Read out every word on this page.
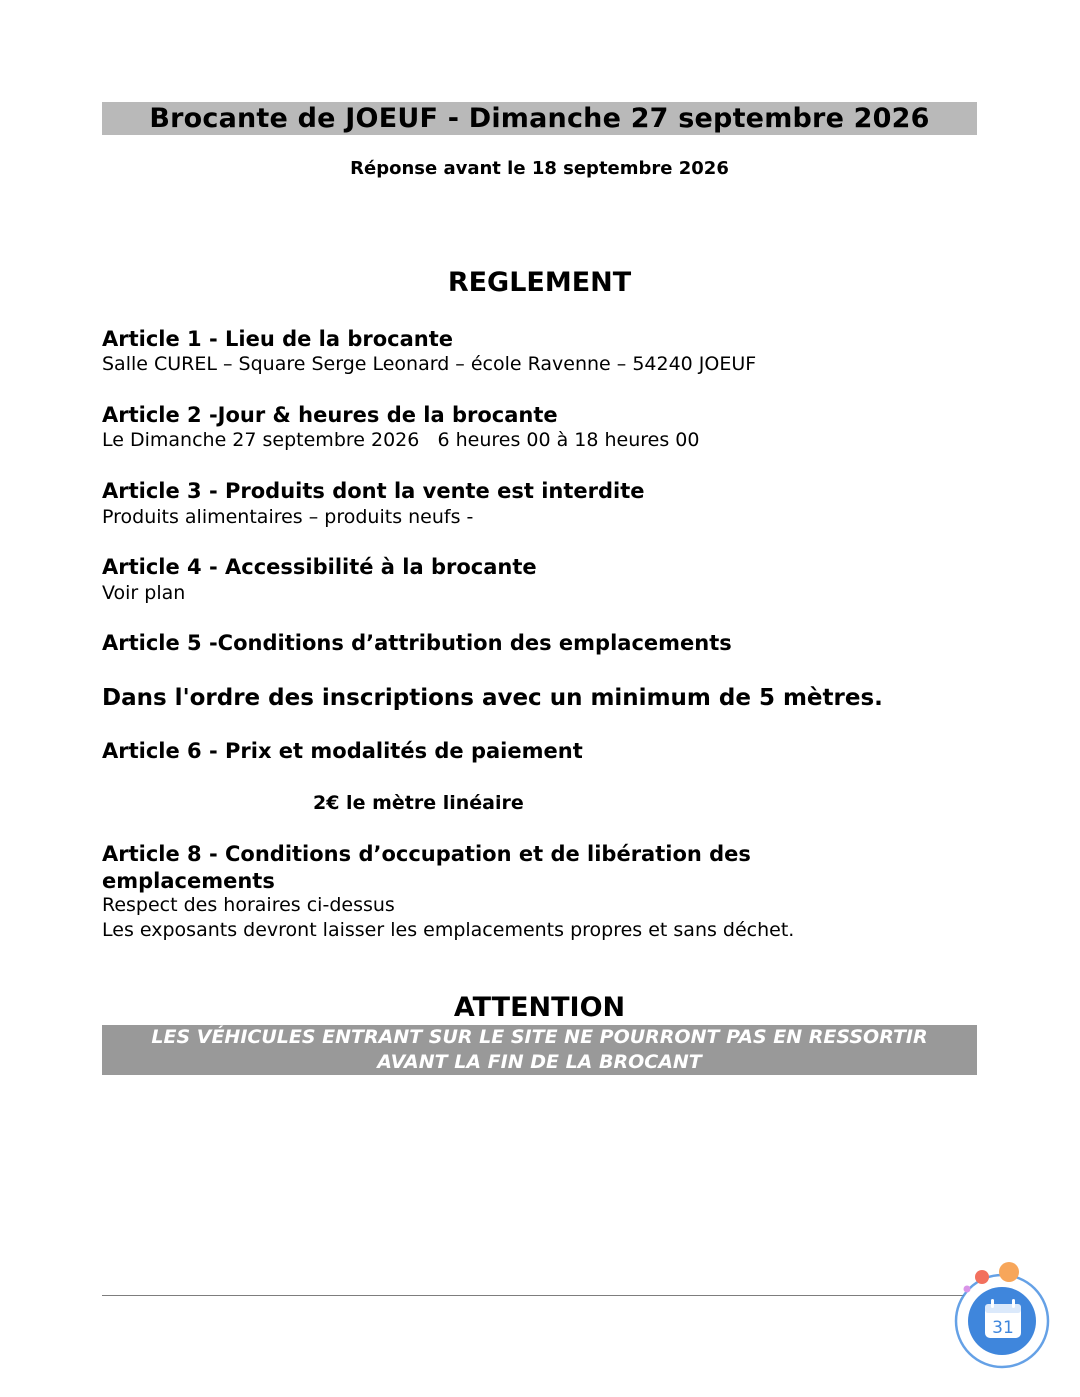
Brocante de JOEUF - Dimanche 27 septembre 2026
Réponse avant le 18 septembre 2026
REGLEMENT
Article 1 - Lieu de la brocante
Salle CUREL – Square Serge Leonard – école Ravenne – 54240 JOEUF
Article 2 -Jour & heures de la brocante
Le Dimanche 27 septembre 2026   6 heures 00 à 18 heures 00
Article 3 - Produits dont la vente est interdite
Produits alimentaires – produits neufs -
Article 4 - Accessibilité à la brocante
Voir plan
Article 5 -Conditions d’attribution des emplacements
Dans l'ordre des inscriptions avec un minimum de 5 mètres.
Article 6 - Prix et modalités de paiement
2€ le mètre linéaire
Article 8 - Conditions d’occupation et de libération des
emplacements
Respect des horaires ci-dessus
Les exposants devront laisser les emplacements propres et sans déchet.
ATTENTION
LES VÉHICULES ENTRANT SUR LE SITE NE POURRONT PAS EN RESSORTIR
AVANT LA FIN DE LA BROCANT
31
